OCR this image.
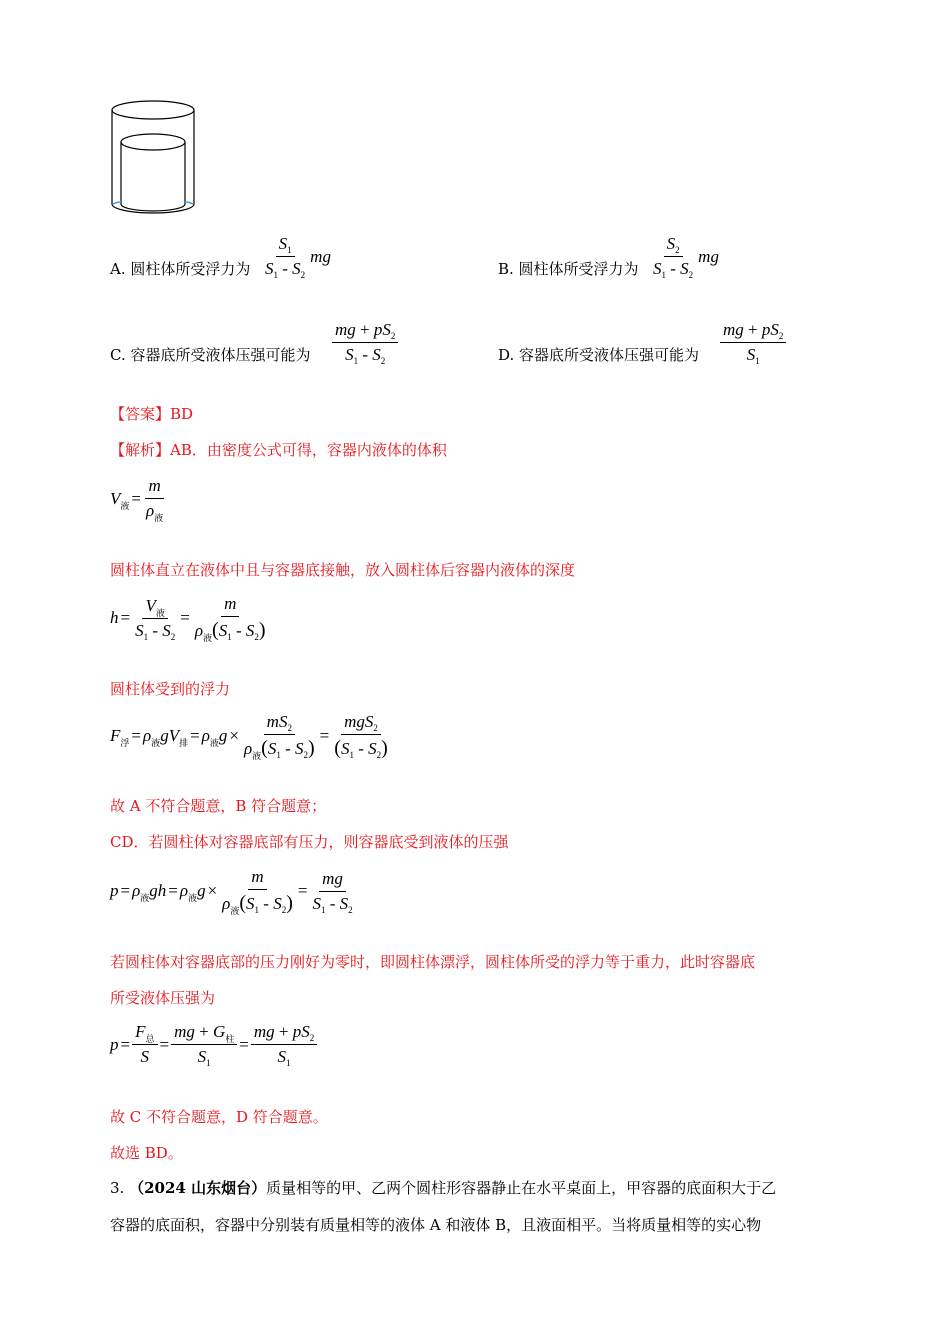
A. 圆柱体所受浮力为 $\frac{S_1}{S_1 - S_2}$ mg
B. 圆柱体所受浮力为 $\frac{S_2}{S_1 - S_2}$ mg
C. 容器底所受液体压强可能为 $\frac{mg + pS_2}{S_1 - S_2}$	D. 容器底所受液体压强可能为 $\frac{mg + pS_2}{S_1}$
【答案】BD
【解析】AB．由密度公式可得，容器内液体的体积
$V_液 = \frac{m}{\rho_液}$
圆柱体直立在液体中且与容器底接触，放入圆柱体后容器内液体的深度
$h = \frac{V_液}{S_1 - S_2} = \frac{m}{\rho_液(S_1 - S_2)}$
圆柱体受到的浮力
$F_浮 = \rho_液gV_排 = \rho_液g \times \frac{mS_2}{\rho_液(S_1 - S_2)} = \frac{mgS_2}{(S_1 - S_2)}$
故 A 不符合题意，B 符合题意；
CD．若圆柱体对容器底部有压力，则容器底受到液体的压强
$p = \rho_液gh = \rho_液g \times \frac{m}{\rho_液(S_1 - S_2)} = \frac{mg}{S_1 - S_2}$
若圆柱体对容器底部的压力刚好为零时，即圆柱体漂浮，圆柱体所受的浮力等于重力，此时容器底
所受液体压强为
$p = \frac{F_总}{S} = \frac{mg + G_柱}{S_1} = \frac{mg + pS_2}{S_1}$
故 C 不符合题意，D 符合题意。
故选 BD。
3. （2024 山东烟台）质量相等的甲、乙两个圆柱形容器静止在水平桌面上，甲容器的底面积大于乙
容器的底面积，容器中分别装有质量相等的液体 A 和液体 B，且液面相平。当将质量相等的实心物
